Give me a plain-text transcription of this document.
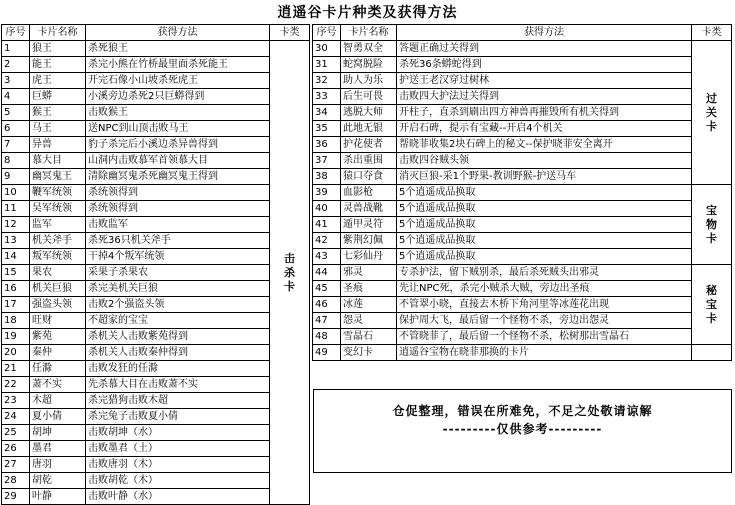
逍遥谷卡片种类及获得方法
序号	卡片名称	获得方法	卡类
1	狼王	杀死狼王	击杀卡

2	能王	杀完小熊在竹桥最里面杀死能王	
3	虎王	开完石像小山坡杀死虎王	
4	巨蟒	小溪旁边杀死2只巨蟒得到	
5	猴王	击败猴王	
6	马王	送NPC到山顶击败马王	
7	异兽	豹子杀完后小溪边杀异兽得到	
8	慕大目	山洞内击败慕军首领慕大目	
9	幽冥鬼王	清除幽冥鬼杀死幽冥鬼王得到	
10	鞭军统领	杀统领得到	
11	吴军统领	杀统领得到	
12	监军	击败监军	
13	机关斧手	杀死36只机关斧手	
14	叛军统领	干掉4个叛军统领	
15	果农	采果子杀果农	
16	机关巨狼	杀完美机关巨狼	
17	强盗头领	击败2个强盗头领	
18	旺财	不超家的宝宝	
19	紫苑	杀机关人击败紫苑得到	
20	秦仲	杀机关人击败秦仲得到	
21	任滁	击败发狂的任滁	
22	萧不实	先杀慕大目在击败萧不实	
23	木超	杀完猎狗击败木超	
24	夏小倩	杀完兔子击败夏小倩	
25	胡坤	击败胡坤（水）	
26	墨君	击败墨君（土）	
27	唐羽	击败唐羽（木）	
28	胡乾	击败胡乾（木）	
29	叶静	击败叶静（水）	
序号	卡片名称	获得方法	卡类
30	智勇双全	答题正确过关得到	过关卡

31	蛇窝脱险	杀死36条蟒蛇得到	
32	助人为乐	护送王老汉穿过树林	
33	后生可畏	击败四大护法过关得到	
34	逃脱大师	开柱子，直杀到刷出四方神兽再摧毁所有机关得到	
35	此地无银	开启石碑，提示有宝藏--开启4个机关	
36	护花使者	帮晓菲收集2块石碑上的秘文--保护晓菲安全离开	
37	杀出重围	击败四谷贼头领	
38	猿口夺食	消灭巨狼-采1个野果-教训野猴-护送马车	
39	血影枪	5个逍遥成品换取	宝物卡

40	灵兽战靴	5个逍遥成品换取	
41	遁甲灵符	5个逍遥成品换取	
42	紫荆幻佩	5个逍遥成品换取	
43	七彩仙丹	5个逍遥成品换取	
44	邪灵	专杀护法，留下贼别杀，最后杀死贼头出邪灵	秘宝卡

45	圣痕	先让NPC死，杀完小贼杀大贼，旁边出圣痕	
46	冰莲	不管翠小晓，直接去木桥下角河里等冰莲花出现	
47	怨灵	保护周大飞，最后留一个怪物不杀，旁边出怨灵	
48	雪晶石	不管晓菲了，最后留一个怪物不杀，松树那出雪晶石	
49	变幻卡	逍遥谷宝物在晓菲那换的卡片	
仓促整理，错误在所难免，不足之处敬请谅解
---------仅供参考---------
